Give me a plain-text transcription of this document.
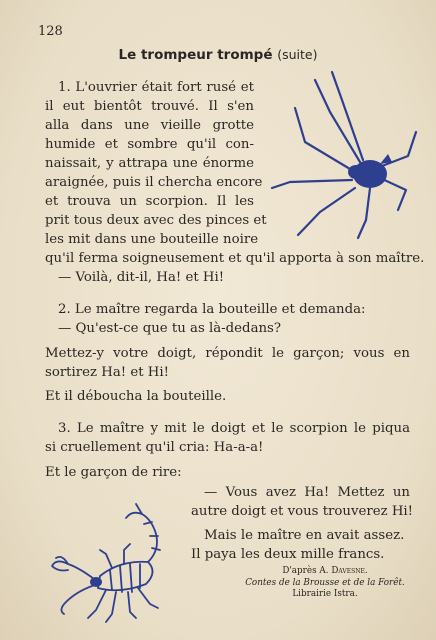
128
Le trompeur trompé (suite)
1. L'ouvrier était fort rusé et
il eut bientôt trouvé. Il s'en
alla dans une vieille grotte
humide et sombre qu'il con-
naissait, y attrapa une énorme
araignée, puis il chercha encore
et trouva un scorpion. Il les
prit tous deux avec des pinces et
les mit dans une bouteille noire
qu'il ferma soigneusement et qu'il apporta à son maître.
— Voilà, dit-il, Ha! et Hi!
2. Le maître regarda la bouteille et demanda:
— Qu'est-ce que tu as là-dedans?
Mettez-y votre doigt, répondit le garçon; vous en
sortirez Ha! et Hi!
Et il déboucha la bouteille.
3. Le maître y mit le doigt et le scorpion le piqua
si cruellement qu'il cria: Ha-a-a!
Et le garçon de rire:
— Vous avez Ha! Mettez un
autre doigt et vous trouverez Hi!
Mais le maître en avait assez.
Il paya les deux mille francs.
D'après A. Davesne.
Contes de la Brousse et de la Forêt.
Librairie Istra.
